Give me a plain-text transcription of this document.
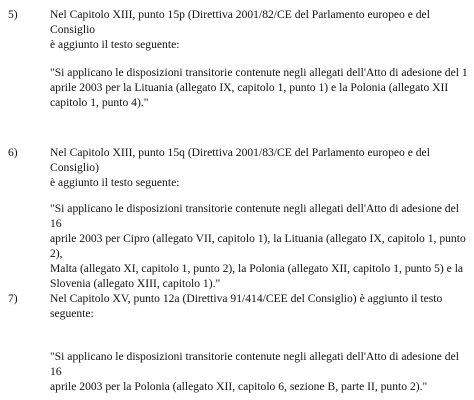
5)	Nel Capitolo XIII, punto 15p (Direttiva 2001/82/CE del Parlamento europeo e del Consiglio
è aggiunto il testo seguente:
"Si applicano le disposizioni transitorie contenute negli allegati dell'Atto di adesione del 1
aprile 2003 per la Lituania (allegato IX, capitolo 1, punto 1) e la Polonia (allegato XII
capitolo 1, punto 4)."
6)	Nel Capitolo XIII, punto 15q (Direttiva 2001/83/CE del Parlamento europeo e del Consiglio)
è aggiunto il testo seguente:
"Si applicano le disposizioni transitorie contenute negli allegati dell'Atto di adesione del 16
aprile 2003 per Cipro (allegato VII, capitolo 1), la Lituania (allegato IX, capitolo 1, punto 2),
Malta (allegato XI, capitolo 1, punto 2), la Polonia (allegato XII, capitolo 1, punto 5) e la
Slovenia (allegato XIII, capitolo 1)."
7)	Nel Capitolo XV, punto 12a (Direttiva 91/414/CEE del Consiglio) è aggiunto il testo
seguente:
"Si applicano le disposizioni transitorie contenute negli allegati dell'Atto di adesione del 16
aprile 2003 per la Polonia (allegato XII, capitolo 6, sezione B, parte II, punto 2)."
